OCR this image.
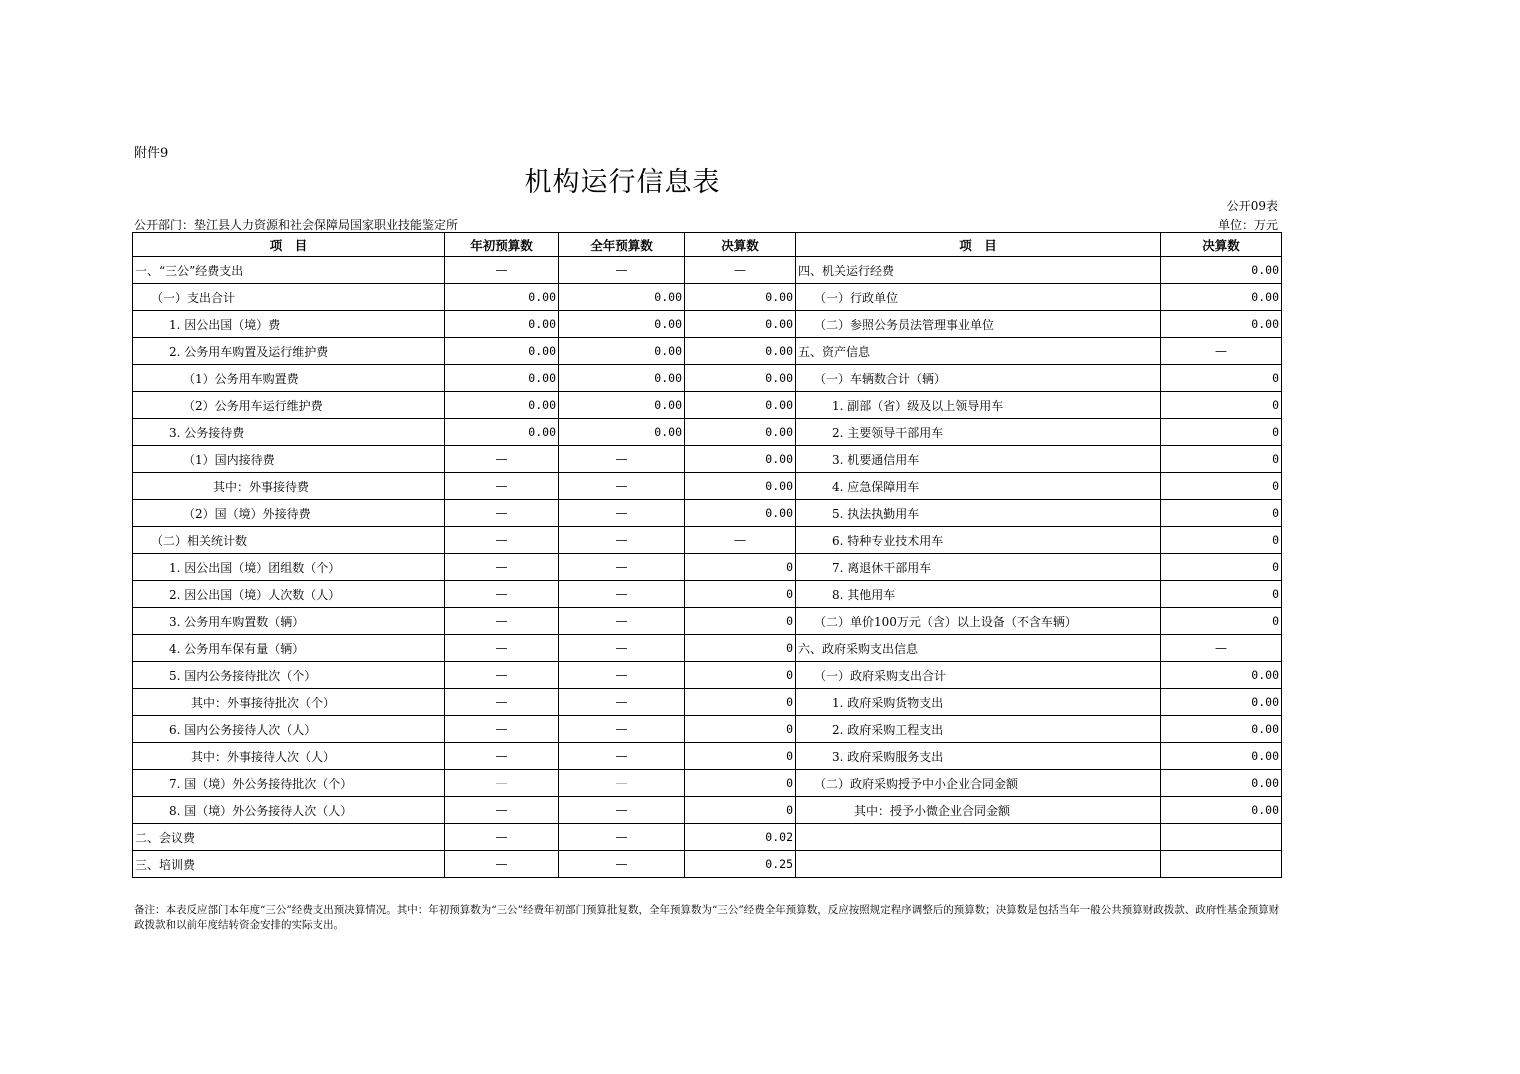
附件9
机构运行信息表
公开09表
公开部门：垫江县人力资源和社会保障局国家职业技能鉴定所	单位：万元
项　目	年初预算数	全年预算数	决算数	项　目	决算数
一、“三公”经费支出	—	—	—	四、机关运行经费	0.00
（一）支出合计	0.00	0.00	0.00	（一）行政单位	0.00
1. 因公出国（境）费	0.00	0.00	0.00	（二）参照公务员法管理事业单位	0.00
2. 公务用车购置及运行维护费	0.00	0.00	0.00	五、资产信息	—
（1）公务用车购置费	0.00	0.00	0.00	（一）车辆数合计（辆）	0
（2）公务用车运行维护费	0.00	0.00	0.00	1. 副部（省）级及以上领导用车	0
3. 公务接待费	0.00	0.00	0.00	2. 主要领导干部用车	0
（1）国内接待费	—	—	0.00	3. 机要通信用车	0
其中：外事接待费	—	—	0.00	4. 应急保障用车	0
（2）国（境）外接待费	—	—	0.00	5. 执法执勤用车	0
（二）相关统计数	—	—	—	6. 特种专业技术用车	0
1. 因公出国（境）团组数（个）	—	—	0	7. 离退休干部用车	0
2. 因公出国（境）人次数（人）	—	—	0	8. 其他用车	0
3. 公务用车购置数（辆）	—	—	0	（二）单价100万元（含）以上设备（不含车辆）	0
4. 公务用车保有量（辆）	—	—	0	六、政府采购支出信息	—
5. 国内公务接待批次（个）	—	—	0	（一）政府采购支出合计	0.00
其中：外事接待批次（个）	—	—	0	1. 政府采购货物支出	0.00
6. 国内公务接待人次（人）	—	—	0	2. 政府采购工程支出	0.00
其中：外事接待人次（人）	—	—	0	3. 政府采购服务支出	0.00
7. 国（境）外公务接待批次（个）	—	—	0	（二）政府采购授予中小企业合同金额	0.00
8. 国（境）外公务接待人次（人）	—	—	0	其中：授予小微企业合同金额	0.00
二、会议费	—	—	0.02		
三、培训费	—	—	0.25		
备注：本表反应部门本年度“三公”经费支出预决算情况。其中：年初预算数为“三公”经费年初部门预算批复数，全年预算数为“三公”经费全年预算数，反应按照规定程序调整后的预算数；决算数是包括当年一般公共预算财政拨款、政府性基金预算财政拨款和以前年度结转资金安排的实际支出。
